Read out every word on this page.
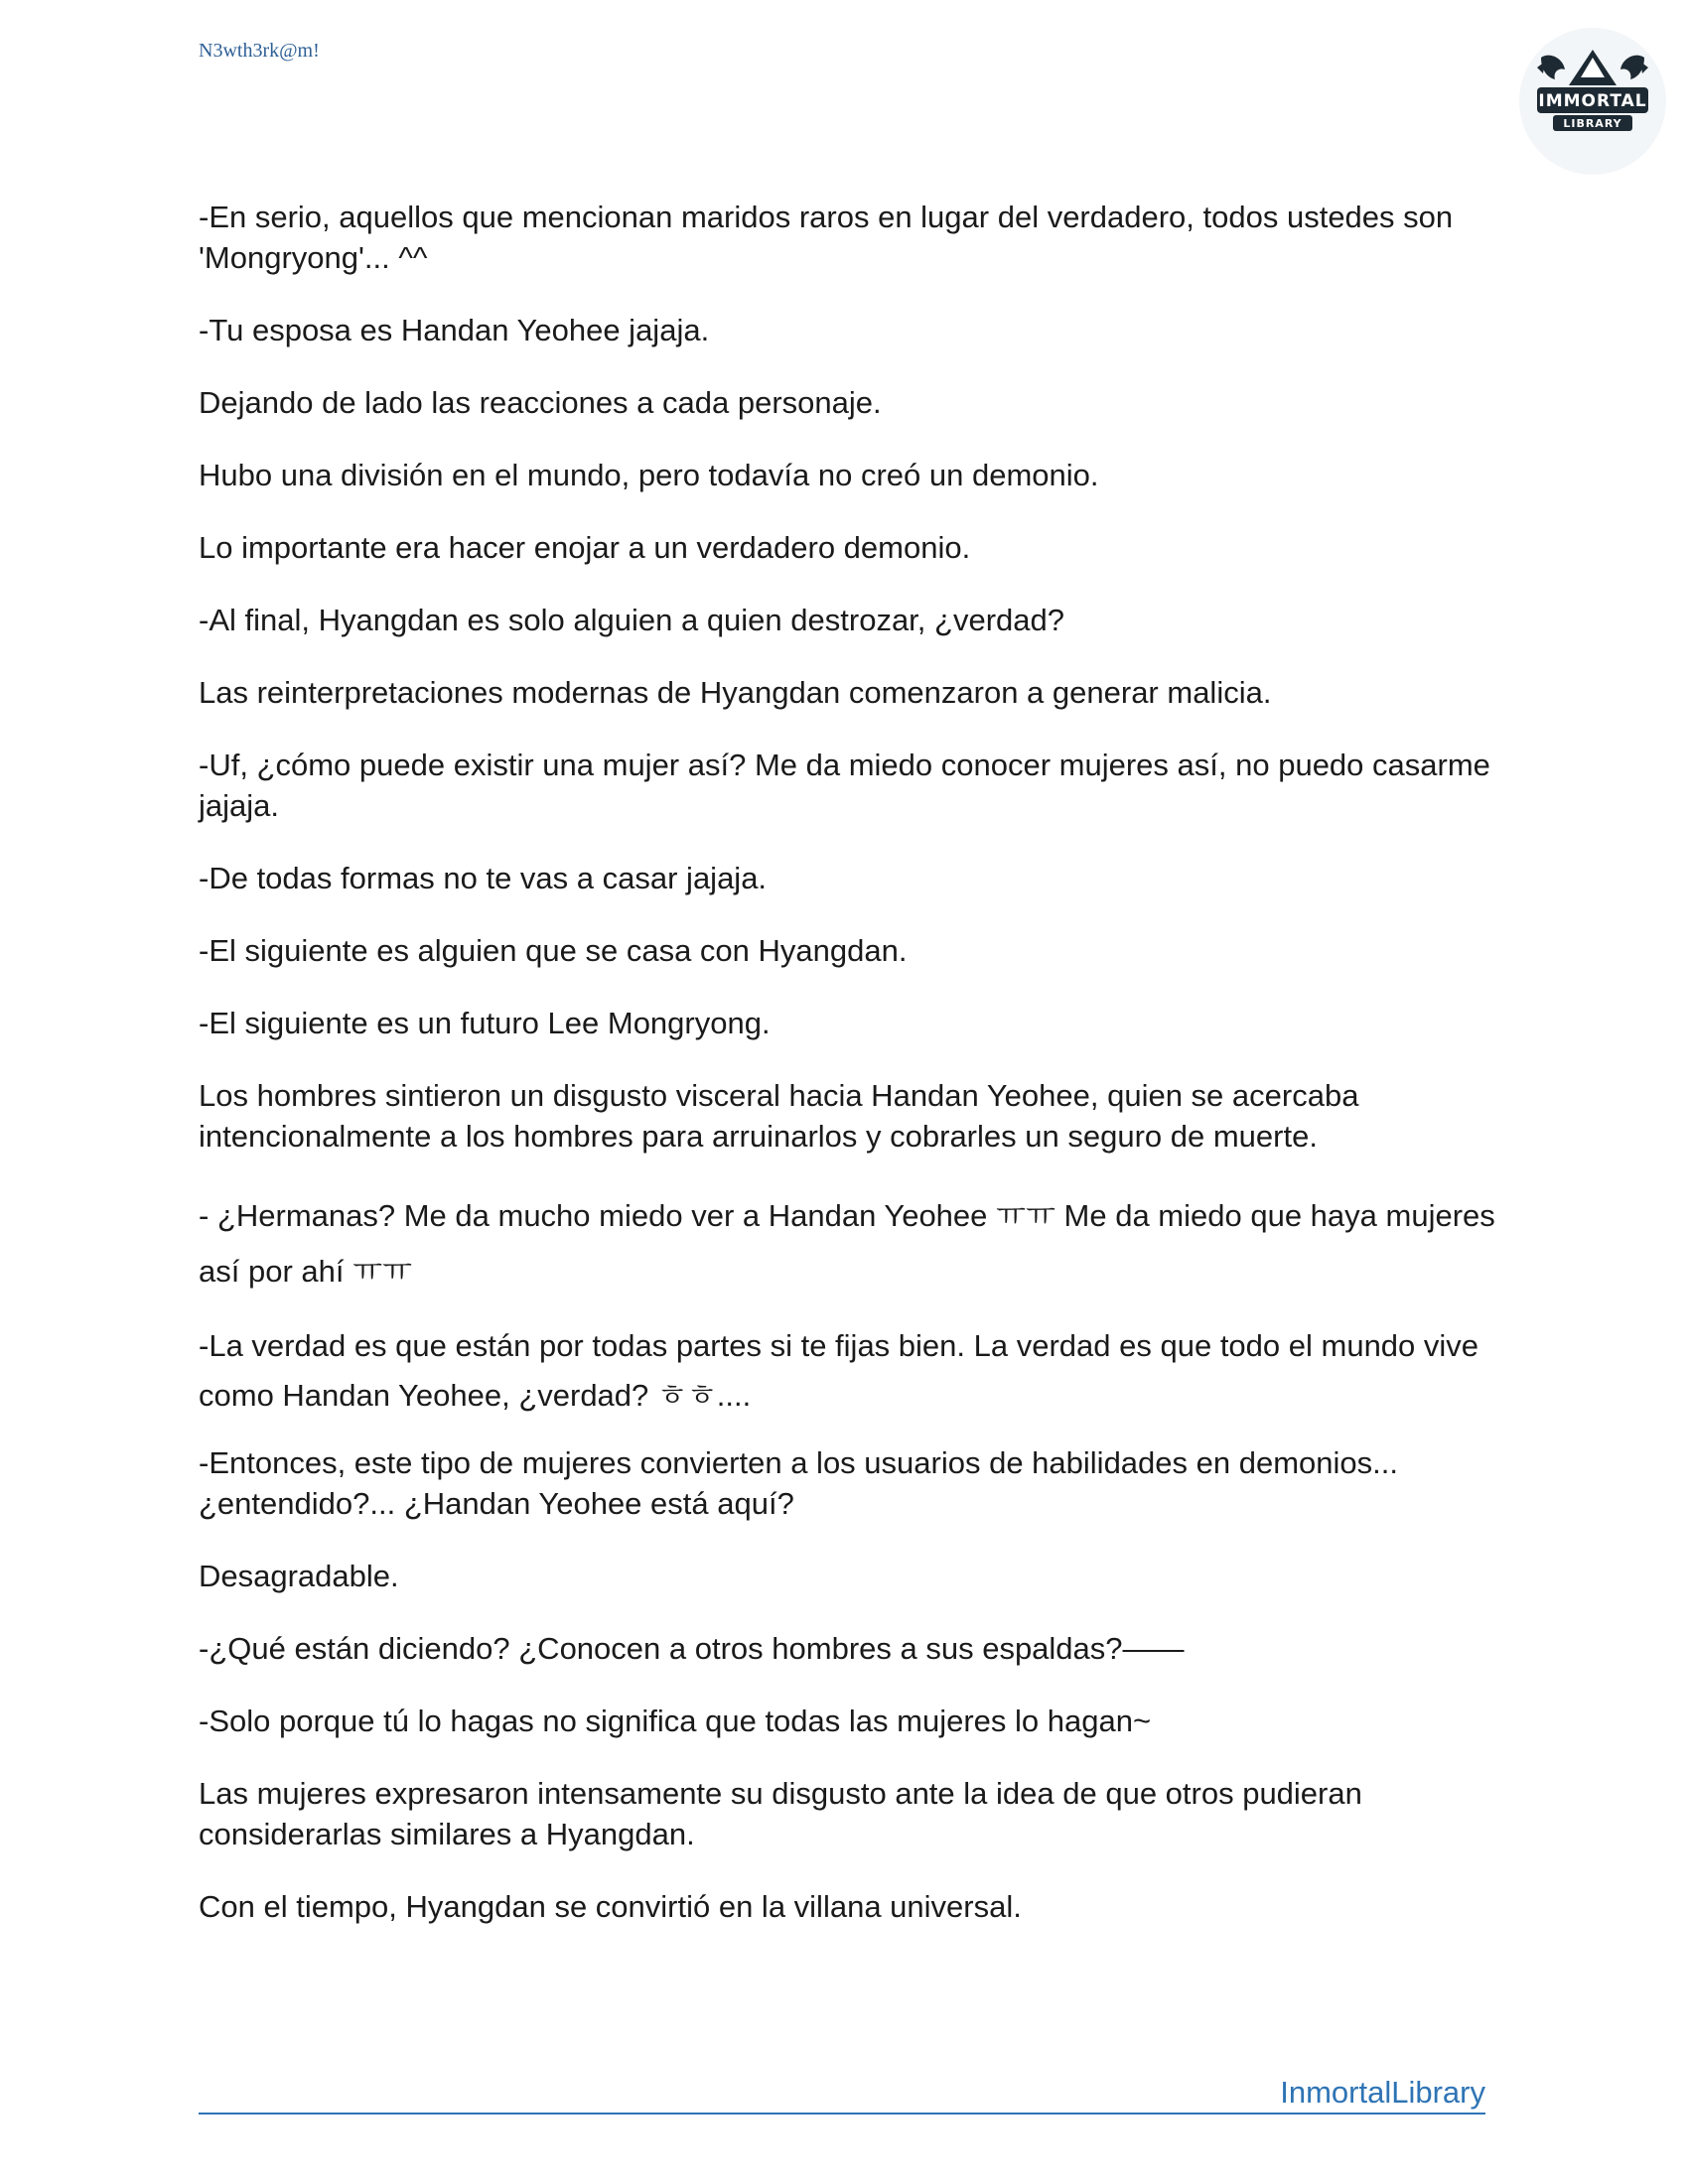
N3wth3rk@m!
IMMORTAL
LIBRARY

-En serio, aquellos que mencionan maridos raros en lugar del verdadero, todos ustedes son 'Mongryong'... ^^

-Tu esposa es Handan Yeohee jajaja.

Dejando de lado las reacciones a cada personaje.

Hubo una división en el mundo, pero todavía no creó un demonio.

Lo importante era hacer enojar a un verdadero demonio.

-Al final, Hyangdan es solo alguien a quien destrozar, ¿verdad?

Las reinterpretaciones modernas de Hyangdan comenzaron a generar malicia.

-Uf, ¿cómo puede existir una mujer así? Me da miedo conocer mujeres así, no puedo casarme jajaja.

-De todas formas no te vas a casar jajaja.

-El siguiente es alguien que se casa con Hyangdan.

-El siguiente es un futuro Lee Mongryong.

Los hombres sintieron un disgusto visceral hacia Handan Yeohee, quien se acercaba intencionalmente a los hombres para arruinarlos y cobrarles un seguro de muerte.

- ¿Hermanas? Me da mucho miedo ver a Handan Yeohee ㅠㅠ Me da miedo que haya mujeres así por ahí ㅠㅠ

-La verdad es que están por todas partes si te fijas bien. La verdad es que todo el mundo vive como Handan Yeohee, ¿verdad? ㅎㅎ....

-Entonces, este tipo de mujeres convierten a los usuarios de habilidades en demonios... ¿entendido?... ¿Handan Yeohee está aquí?

Desagradable.

-¿Qué están diciendo? ¿Conocen a otros hombres a sus espaldas?——

-Solo porque tú lo hagas no significa que todas las mujeres lo hagan~

Las mujeres expresaron intensamente su disgusto ante la idea de que otros pudieran considerarlas similares a Hyangdan.

Con el tiempo, Hyangdan se convirtió en la villana universal.

InmortalLibrary
